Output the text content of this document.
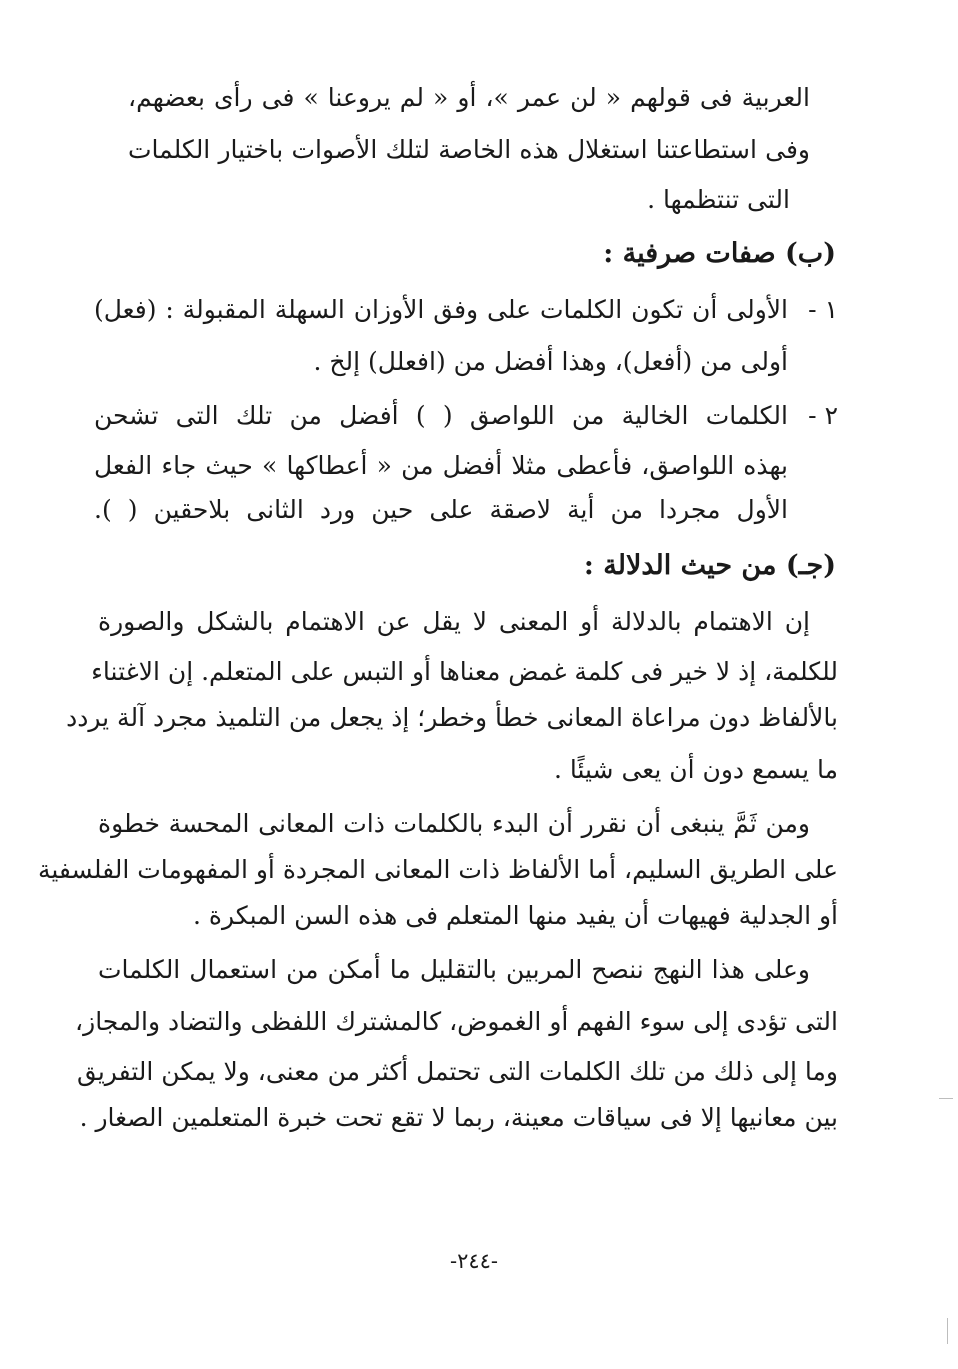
العربية فى قولهم « لن عمر »، أو « لم يروعنا » فى رأى بعضهم،

وفى استطاعتنا استغلال هذه الخاصة لتلك الأصوات باختيار الكلمات

التى تنتظمها .

(ب) صفات صرفية :
١ -

الأولى أن تكون الكلمات على وفق الأوزان السهلة المقبولة : (فعل)

أولى من (أفعل)، وهذا أفضل من (افعلل) إلخ .

٢ -

الكلمات الخالية من اللواصق ( ) أفضل من تلك التى تشحن

بهذه اللواصق، فأعطى مثلا أفضل من « أعطاكها » حيث جاء الفعل

الأول مجردا من أية لاصقة على حين ورد الثانى بلاحقين ( ).

(جـ) من حيث الدلالة :

إن الاهتمام بالدلالة أو المعنى لا يقل عن الاهتمام بالشكل والصورة

للكلمة، إذ لا خير فى كلمة غمض معناها أو التبس على المتعلم. إن الاغتناء

بالألفاظ دون مراعاة المعانى خطأ وخطر؛ إذ يجعل من التلميذ مجرد آلة يردد

ما يسمع دون أن يعى شيئًا .

ومن ثَمَّ ينبغى أن نقرر أن البدء بالكلمات ذات المعانى المحسة خطوة

على الطريق السليم، أما الألفاظ ذات المعانى المجردة أو المفهومات الفلسفية

أو الجدلية فهيهات أن يفيد منها المتعلم فى هذه السن المبكرة .

وعلى هذا النهج ننصح المربين بالتقليل ما أمكن من استعمال الكلمات

التى تؤدى إلى سوء الفهم أو الغموض، كالمشترك اللفظى والتضاد والمجاز،

وما إلى ذلك من تلك الكلمات التى تحتمل أكثر من معنى، ولا يمكن التفريق

بين معانيها إلا فى سياقات معينة، ربما لا تقع تحت خبرة المتعلمين الصغار .

-٢٤٤-
